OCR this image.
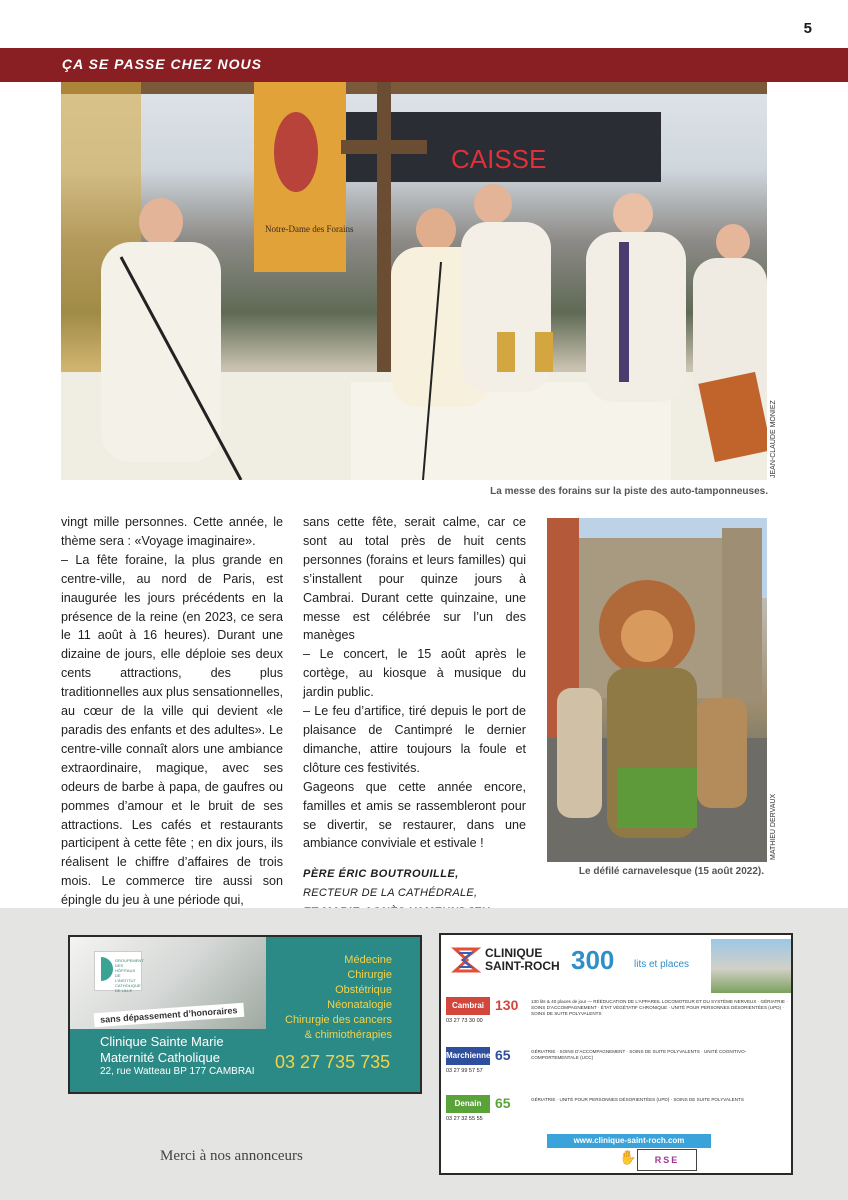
5
ÇA SE PASSE CHEZ NOUS
CAISSE
Notre-Dame des Forains
JEAN-CLAUDE MONIEZ
La messe des forains sur la piste des auto-tamponneuses.

vingt mille personnes. Cette année, le thème sera : «Voyage imaginaire».

– La fête foraine, la plus grande en centre-ville, au nord de Paris, est inaugurée les jours précédents en la présence de la reine (en 2023, ce sera le 11 août à 16 heures). Durant une dizaine de jours, elle déploie ses deux cents attractions, des plus traditionnelles aux plus sensationnelles, au cœur de la ville qui devient «le paradis des enfants et des adultes». Le centre-ville connaît alors une ambiance extraordinaire, magique, avec ses odeurs de barbe à papa, de gaufres ou pommes d’amour et le bruit de ses attractions. Les cafés et restaurants participent à cette fête ; en dix jours, ils réalisent le chiffre d’affaires de trois mois. Le commerce tire aussi son épingle du jeu à une période qui,

sans cette fête, serait calme, car ce sont au total près de huit cents personnes (forains et leurs familles) qui s’installent pour quinze jours à Cambrai. Durant cette quinzaine, une messe est célébrée sur l’un des manèges

– Le concert, le 15 août après le cortège, au kiosque à musique du jardin public.

– Le feu d’artifice, tiré depuis le port de plaisance de Cantimpré le dernier dimanche, attire toujours la foule et clôture ces festivités.

Gageons que cette année encore, familles et amis se rassembleront pour se divertir, se restaurer, dans une ambiance conviviale et estivale !

PÈRE ÉRIC BOUTROUILLE,
RECTEUR DE LA CATHÉDRALE,
MATHIEU DERVAUX
Le défilé carnavelesque (15 août 2022).
GROUPEMENT DES HÔPITAUX DE L’INSTITUT CATHOLIQUE DE LILLE
sans dépassement d’honoraires
Médecine
Chirurgie
Obstétrique
Néonatalogie
Chirurgie des cancers
& chimiothérapies
Clinique Sainte Marie
Maternité Catholique
22, rue Watteau BP 177 CAMBRAI 03 27 735 735
CLINIQUE
SAINT-ROCH 300 lits et places
Cambrai
03 27 73 30 00
130	130 lits & 40 places de jour — RÉÉDUCATION DE L’APPAREIL LOCOMOTEUR ET DU SYSTÈME NERVEUX · GÉRIATRIE · SOINS D’ACCOMPAGNEMENT · ÉTAT VÉGÉTATIF CHRONIQUE · UNITÉ POUR PERSONNES DÉSORIENTÉES (UPD) · SOINS DE SUITE POLYVALENTS
Marchiennes
03 27 99 57 57
65	GÉRIATRIE · SOINS D’ACCOMPAGNEMENT · SOINS DE SUITE POLYVALENTS · UNITÉ COGNITIVO-COMPORTEMENTALE (UCC)
Denain
03 27 32 55 55
65	GÉRIATRIE · UNITÉ POUR PERSONNES DÉSORIENTÉES (UPD) · SOINS DE SUITE POLYVALENTS
www.clinique-saint-roch.com
✋	RSE
Merci à nos annonceurs
